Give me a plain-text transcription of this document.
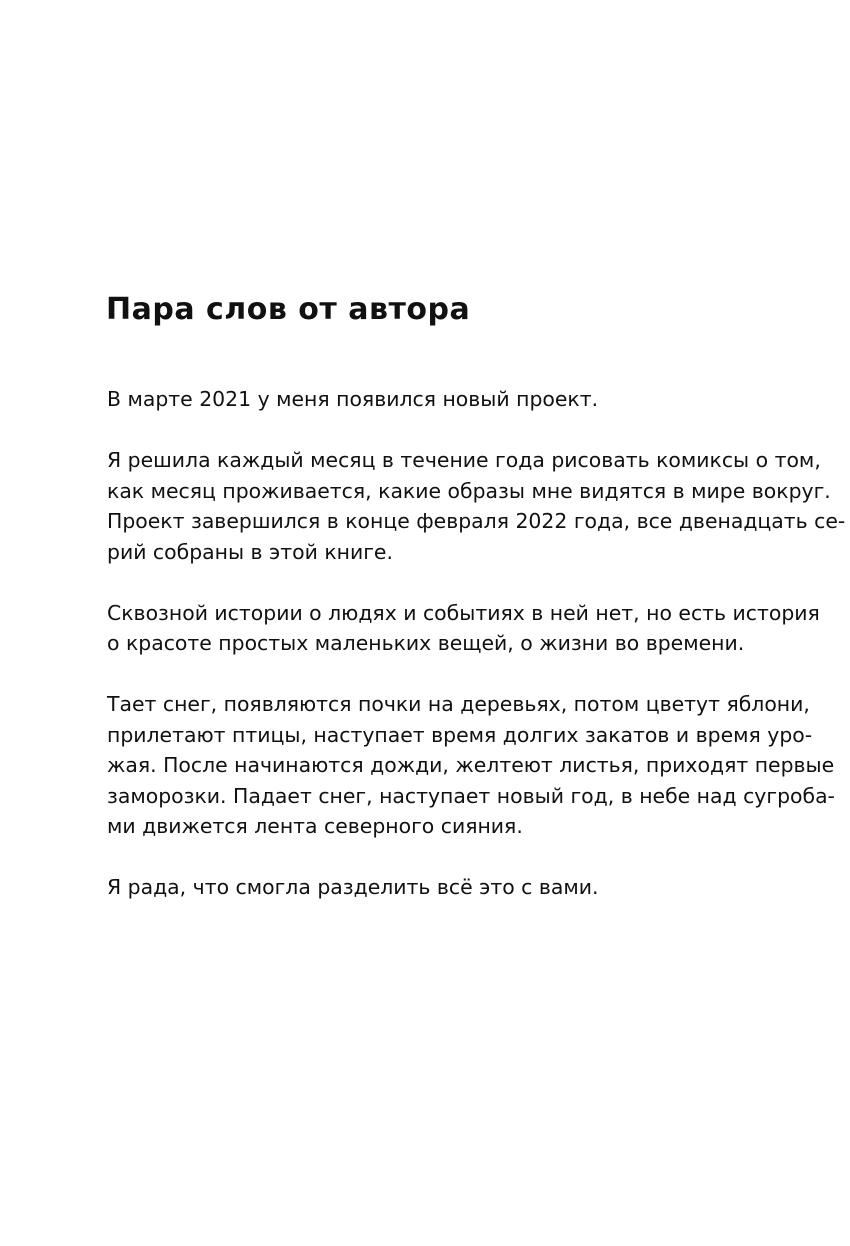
Пара слов от автора

В марте 2021 у меня появился новый проект.

Я решила каждый месяц в течение года рисовать комиксы о том,
как месяц проживается, какие образы мне видятся в мире вокруг.
Проект завершился в конце февраля 2022 года, все двенадцать се-
рий собраны в этой книге.

Сквозной истории о людях и событиях в ней нет, но есть история
о красоте простых маленьких вещей, о жизни во времени.

Тает снег, появляются почки на деревьях, потом цветут яблони,
прилетают птицы, наступает время долгих закатов и время уро-
жая. После начинаются дожди, желтеют листья, приходят первые
заморозки. Падает снег, наступает новый год, в небе над сугроба-
ми движется лента северного сияния.

Я рада, что смогла разделить всё это с вами.
